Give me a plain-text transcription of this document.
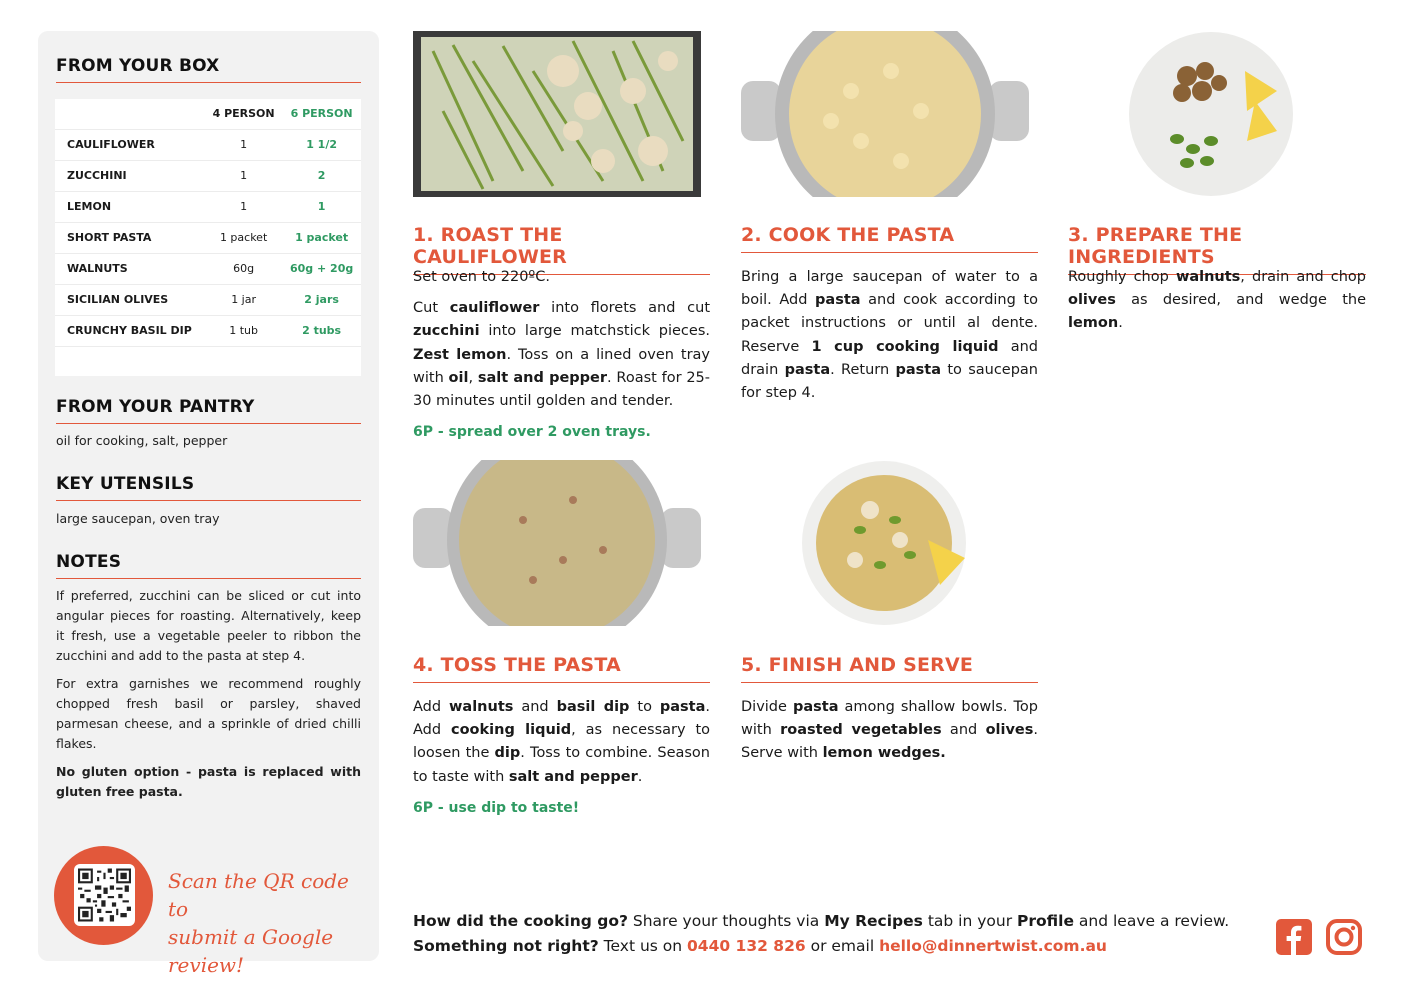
FROM YOUR BOX
	4 PERSON	6 PERSON
CAULIFLOWER	1	1 1/2
ZUCCHINI	1	2
LEMON	1	1
SHORT PASTA	1 packet	1 packet
WALNUTS	60g	60g + 20g
SICILIAN OLIVES	1 jar	2 jars
CRUNCHY BASIL DIP	1 tub	2 tubs

FROM YOUR PANTRY
oil for cooking, salt, pepper
KEY UTENSILS
large saucepan, oven tray
NOTES

If preferred, zucchini can be sliced or cut into angular pieces for roasting. Alternatively, keep it fresh, use a vegetable peeler to ribbon the zucchini and add to the pasta at step 4.

For extra garnishes we recommend roughly chopped fresh basil or parsley, shaved parmesan cheese, and a sprinkle of dried chilli flakes.

No gluten option - pasta is replaced with gluten free pasta.

Scan the QR code to
submit a Google review!
1. ROAST THE CAULIFLOWER

Set oven to 220ºC.

Cut cauliflower into florets and cut zucchini into large matchstick pieces. Zest lemon. Toss on a lined oven tray with oil, salt and pepper. Roast for 25-30 minutes until golden and tender.

6P - spread over 2 oven trays.

2. COOK THE PASTA

Bring a large saucepan of water to a boil. Add pasta and cook according to packet instructions or until al dente. Reserve 1 cup cooking liquid and drain pasta. Return pasta to saucepan for step 4.

3. PREPARE THE INGREDIENTS

Roughly chop walnuts, drain and chop olives as desired, and wedge the lemon.

4. TOSS THE PASTA

Add walnuts and basil dip to pasta. Add cooking liquid, as necessary to loosen the dip. Toss to combine. Season to taste with salt and pepper.

6P - use dip to taste!

5. FINISH AND SERVE

Divide pasta among shallow bowls. Top with roasted vegetables and olives. Serve with lemon wedges.

How did the cooking go? Share your thoughts via My Recipes tab in your Profile and leave a review.
Something not right? Text us on 0440 132 826 or email hello@dinnertwist.com.au
